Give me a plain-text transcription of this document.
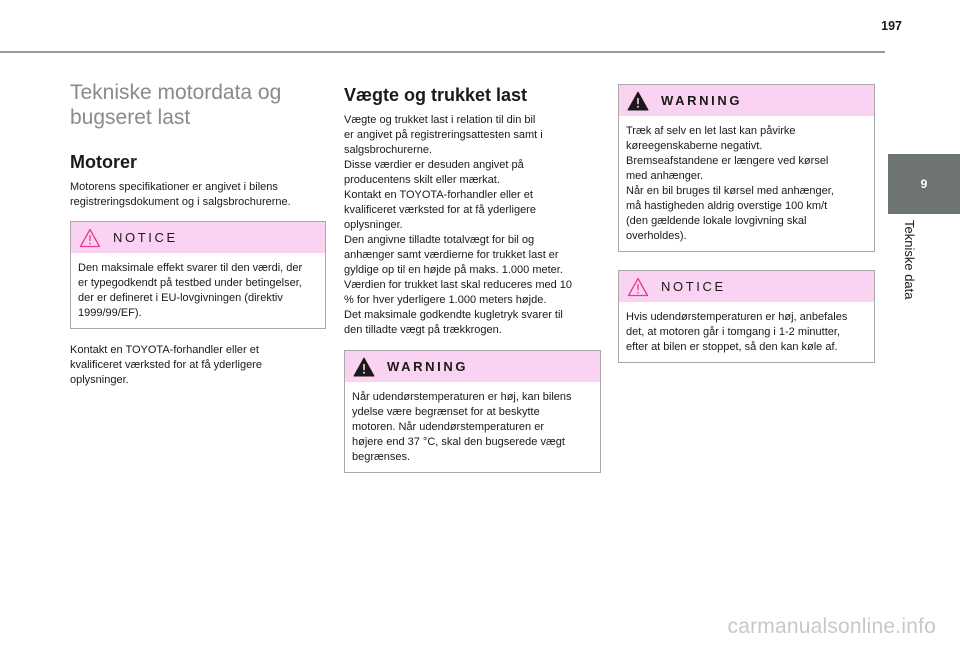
197
9
Tekniske data
Tekniske motordata og bugseret last
Motorer

Motorens specifikationer er angivet i bilens
registreringsdokument og i salgsbrochurerne.

NOTICE

Den maksimale effekt svarer til den værdi, der
er typegodkendt på testbed under betingelser,
der er defineret i EU-lovgivningen (direktiv
1999/99/EF).

Kontakt en TOYOTA-forhandler eller et
kvalificeret værksted for at få yderligere
oplysninger.

Vægte og trukket last

Vægte og trukket last i relation til din bil
er angivet på registreringsattesten samt i
salgsbrochurerne.
Disse værdier er desuden angivet på
producentens skilt eller mærkat.
Kontakt en TOYOTA-forhandler eller et
kvalificeret værksted for at få yderligere
oplysninger.
Den angivne tilladte totalvægt for bil og
anhænger samt værdierne for trukket last er
gyldige op til en højde på maks. 1.000 meter.
Værdien for trukket last skal reduceres med 10
% for hver yderligere 1.000 meters højde.
Det maksimale godkendte kugletryk svarer til
den tilladte vægt på trækkrogen.

WARNING

Når udendørstemperaturen er høj, kan bilens
ydelse være begrænset for at beskytte
motoren. Når udendørstemperaturen er
højere end 37 °C, skal den bugserede vægt
begrænses.

WARNING

Træk af selv en let last kan påvirke
køreegenskaberne negativt.
Bremseafstandene er længere ved kørsel
med anhænger.
Når en bil bruges til kørsel med anhænger,
må hastigheden aldrig overstige 100 km/t
(den gældende lokale lovgivning skal
overholdes).

NOTICE

Hvis udendørstemperaturen er høj, anbefales
det, at motoren går i tomgang i 1-2 minutter,
efter at bilen er stoppet, så den kan køle af.

carmanualsonline.info
